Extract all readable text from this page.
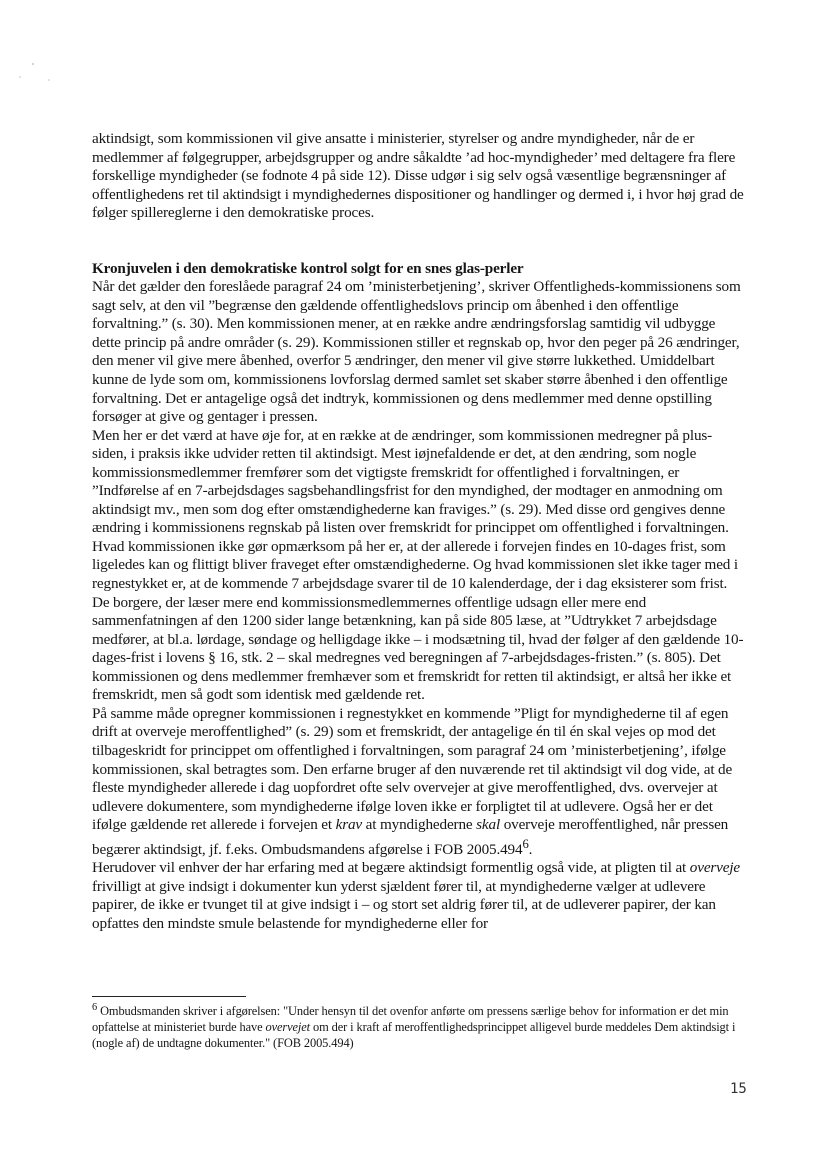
aktindsigt, som kommissionen vil give ansatte i ministerier, styrelser og andre myndigheder, når de er medlemmer af følgegrupper, arbejdsgrupper og andre såkaldte ’ad hoc-myndigheder’ med deltagere fra flere forskellige myndigheder (se fodnote 4 på side 12). Disse udgør i sig selv også væsentlige begrænsninger af offentlighedens ret til aktindsigt i myndighedernes dispositioner og handlinger og dermed i, i hvor høj grad de følger spillereglerne i den demokratiske proces.

Kronjuvelen i den demokratiske kontrol solgt for en snes glas-perler

Når det gælder den foreslåede paragraf 24 om ’ministerbetjening’, skriver Offentligheds-kommissionens som sagt selv, at den vil ”begrænse den gældende offentlighedslovs princip om åbenhed i den offentlige forvaltning.” (s. 30). Men kommissionen mener, at en række andre ændringsforslag samtidig vil udbygge dette princip på andre områder (s. 29). Kommissionen stiller et regnskab op, hvor den peger på 26 ændringer, den mener vil give mere åbenhed, overfor 5 ændringer, den mener vil give større lukkethed. Umiddelbart kunne de lyde som om, kommissionens lovforslag dermed samlet set skaber større åbenhed i den offentlige forvaltning. Det er antagelige også det indtryk, kommissionen og dens medlemmer med denne opstilling forsøger at give og gentager i pressen.

Men her er det værd at have øje for, at en række at de ændringer, som kommissionen medregner på plus-siden, i praksis ikke udvider retten til aktindsigt. Mest iøjnefaldende er det, at den ændring, som nogle kommissionsmedlemmer fremfører som det vigtigste fremskridt for offentlighed i forvaltningen, er ”Indførelse af en 7-arbejdsdages sagsbehandlingsfrist for den myndighed, der modtager en anmodning om aktindsigt mv., men som dog efter omstændighederne kan fraviges.” (s. 29). Med disse ord gengives denne ændring i kommissionens regnskab på listen over fremskridt for princippet om offentlighed i forvaltningen. Hvad kommissionen ikke gør opmærksom på her er, at der allerede i forvejen findes en 10-dages frist, som ligeledes kan og flittigt bliver fraveget efter omstændighederne. Og hvad kommissionen slet ikke tager med i regnestykket er, at de kommende 7 arbejdsdage svarer til de 10 kalenderdage, der i dag eksisterer som frist. De borgere, der læser mere end kommissionsmedlemmernes offentlige udsagn eller mere end sammenfatningen af den 1200 sider lange betænkning, kan på side 805 læse, at ”Udtrykket 7 arbejdsdage medfører, at bl.a. lørdage, søndage og helligdage ikke – i modsætning til, hvad der følger af den gældende 10-dages-frist i lovens § 16, stk. 2 – skal medregnes ved beregningen af 7-arbejdsdages-fristen.” (s. 805). Det kommissionen og dens medlemmer fremhæver som et fremskridt for retten til aktindsigt, er altså her ikke et fremskridt, men så godt som identisk med gældende ret.

På samme måde opregner kommissionen i regnestykket en kommende ”Pligt for myndighederne til af egen drift at overveje meroffentlighed” (s. 29) som et fremskridt, der antagelige én til én skal vejes op mod det tilbageskridt for princippet om offentlighed i forvaltningen, som paragraf 24 om ’ministerbetjening’, ifølge kommissionen, skal betragtes som. Den erfarne bruger af den nuværende ret til aktindsigt vil dog vide, at de fleste myndigheder allerede i dag uopfordret ofte selv overvejer at give meroffentlighed, dvs. overvejer at udlevere dokumentere, som myndighederne ifølge loven ikke er forpligtet til at udlevere. Også her er det ifølge gældende ret allerede i forvejen et krav at myndighederne skal overveje meroffentlighed, når pressen begærer aktindsigt, jf. f.eks. Ombudsmandens afgørelse i FOB 2005.494$^6$.

Herudover vil enhver der har erfaring med at begære aktindsigt formentlig også vide, at pligten til at overveje frivilligt at give indsigt i dokumenter kun yderst sjældent fører til, at myndighederne vælger at udlevere papirer, de ikke er tvunget til at give indsigt i – og stort set aldrig fører til, at de udleverer papirer, der kan opfattes den mindste smule belastende for myndighederne eller for

$^6$ Ombudsmanden skriver i afgørelsen: "Under hensyn til det ovenfor anførte om pressens særlige behov for information er det min opfattelse at ministeriet burde have overvejet om der i kraft af meroffentlighedsprincippet alligevel burde meddeles Dem aktindsigt i (nogle af) de undtagne dokumenter." (FOB 2005.494)

15
